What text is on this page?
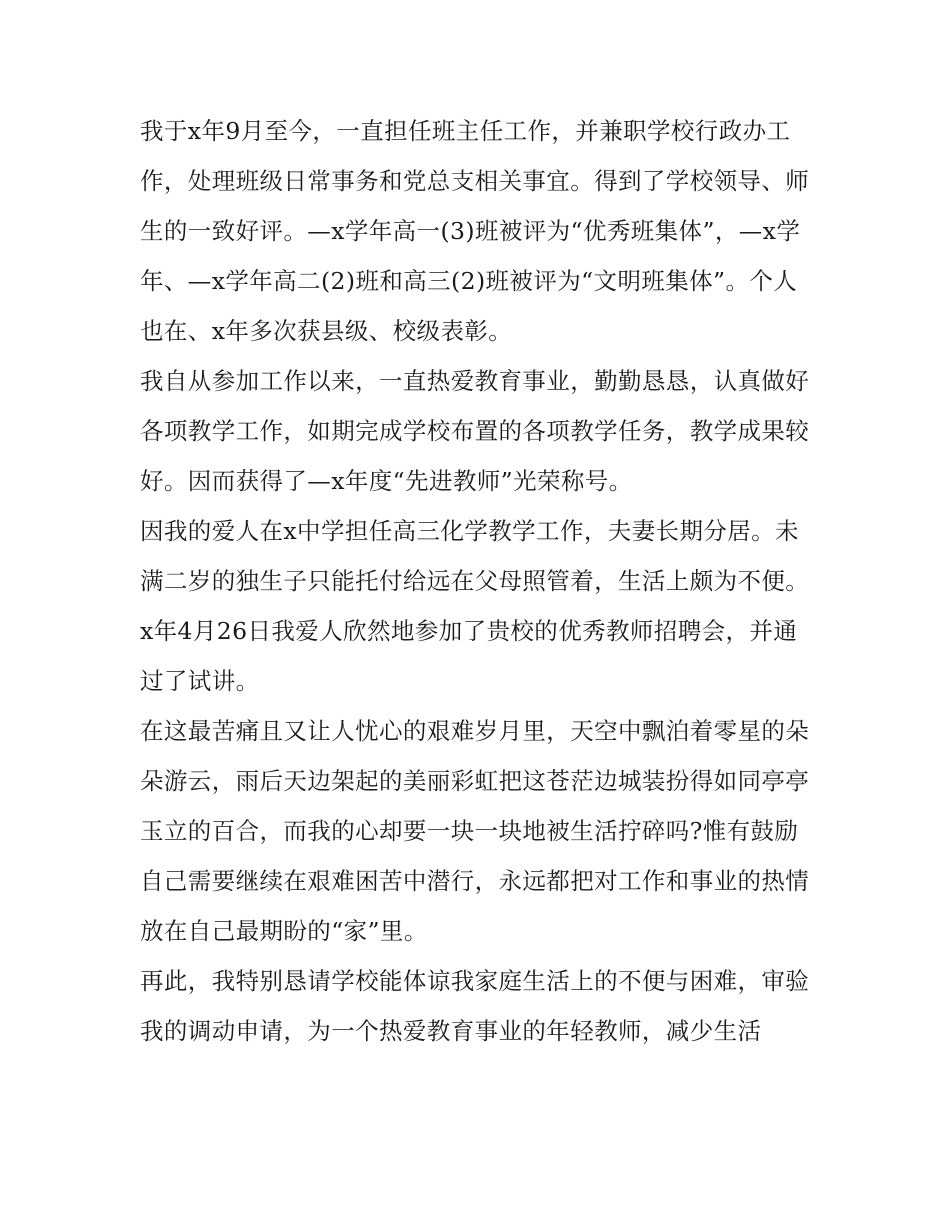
我于x年9月至今，一直担任班主任工作，并兼职学校行政办工作，处理班级日常事务和党总支相关事宜。得到了学校领导、师生的一致好评。—x学年高一(3)班被评为“优秀班集体”，—x学年、—x学年高二(2)班和高三(2)班被评为“文明班集体”。个人也在、x年多次获县级、校级表彰。

我自从参加工作以来，一直热爱教育事业，勤勤恳恳，认真做好各项教学工作，如期完成学校布置的各项教学任务，教学成果较好。因而获得了—x年度“先进教师”光荣称号。

因我的爱人在x中学担任高三化学教学工作，夫妻长期分居。未满二岁的独生子只能托付给远在父母照管着，生活上颇为不便。

x年4月26日我爱人欣然地参加了贵校的优秀教师招聘会，并通过了试讲。

在这最苦痛且又让人忧心的艰难岁月里，天空中飘泊着零星的朵朵游云，雨后天边架起的美丽彩虹把这苍茫边城装扮得如同亭亭玉立的百合，而我的心却要一块一块地被生活拧碎吗?惟有鼓励自己需要继续在艰难困苦中潜行，永远都把对工作和事业的热情放在自己最期盼的“家”里。

再此，我特别恳请学校能体谅我家庭生活上的不便与困难，审验我的调动申请，为一个热爱教育事业的年轻教师，减少生活
